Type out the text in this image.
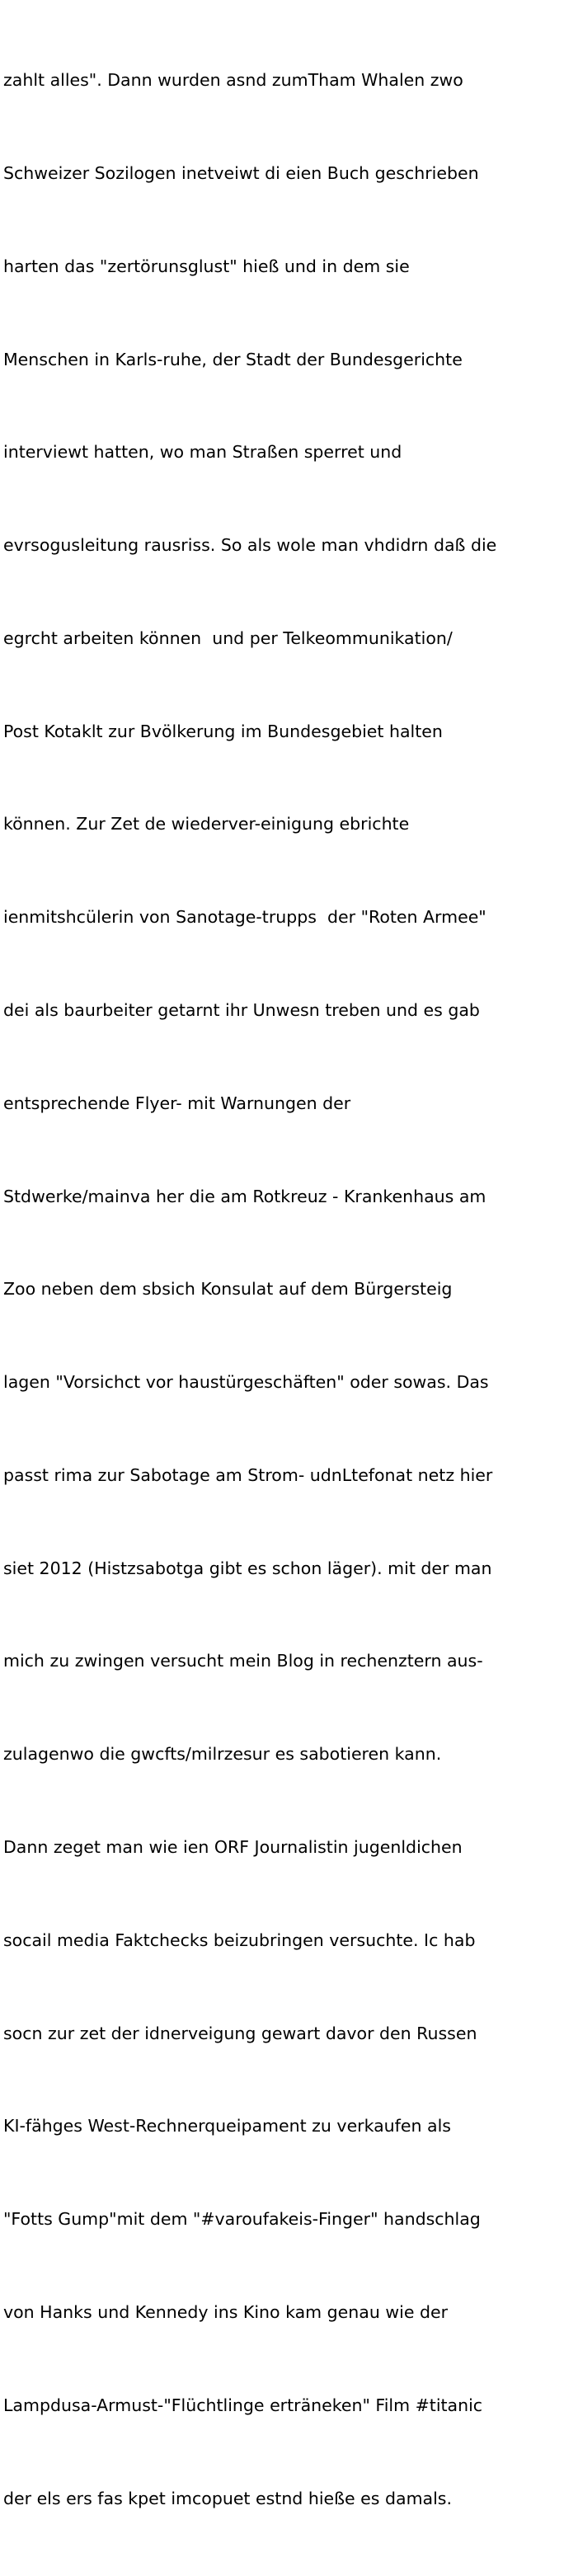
zahlt alles". Dann wurden asnd zumTham Whalen zwo

Schweizer Sozilogen inetveiwt di eien Buch geschrieben

harten das "zertörunsglust" hieß und in dem sie

Menschen in Karls-ruhe, der Stadt der Bundesgerichte

interviewt hatten, wo man Straßen sperret und

evrsogusleitung rausriss. So als wole man vhdidrn daß die

egrcht arbeiten können  und per Telkeommunikation/

Post Kotaklt zur Bvölkerung im Bundesgebiet halten

können. Zur Zet de wiederver-einigung ebrichte

ienmitshcülerin von Sanotage-trupps  der "Roten Armee"

dei als baurbeiter getarnt ihr Unwesn treben und es gab

entsprechende Flyer- mit Warnungen der

Stdwerke/mainva her die am Rotkreuz - Krankenhaus am

Zoo neben dem sbsich Konsulat auf dem Bürgersteig

lagen "Vorsichct vor haustürgeschäften" oder sowas. Das

passt rima zur Sabotage am Strom- udnLtefonat netz hier

siet 2012 (Histzsabotga gibt es schon läger). mit der man

mich zu zwingen versucht mein Blog in rechenztern aus-

zulagenwo die gwcfts/milrzesur es sabotieren kann.

Dann zeget man wie ien ORF Journalistin jugenldichen

socail media Faktchecks beizubringen versuchte. Ic hab

socn zur zet der idnerveigung gewart davor den Russen

KI-fähges West-Rechnerqueipament zu verkaufen als

"Fotts Gump"mit dem "#varoufakeis-Finger" handschlag

von Hanks und Kennedy ins Kino kam genau wie der

Lampdusa-Armust-"Flüchtlinge erträneken" Film #titanic

der els ers fas kpet imcopuet estnd hieße es damals.
